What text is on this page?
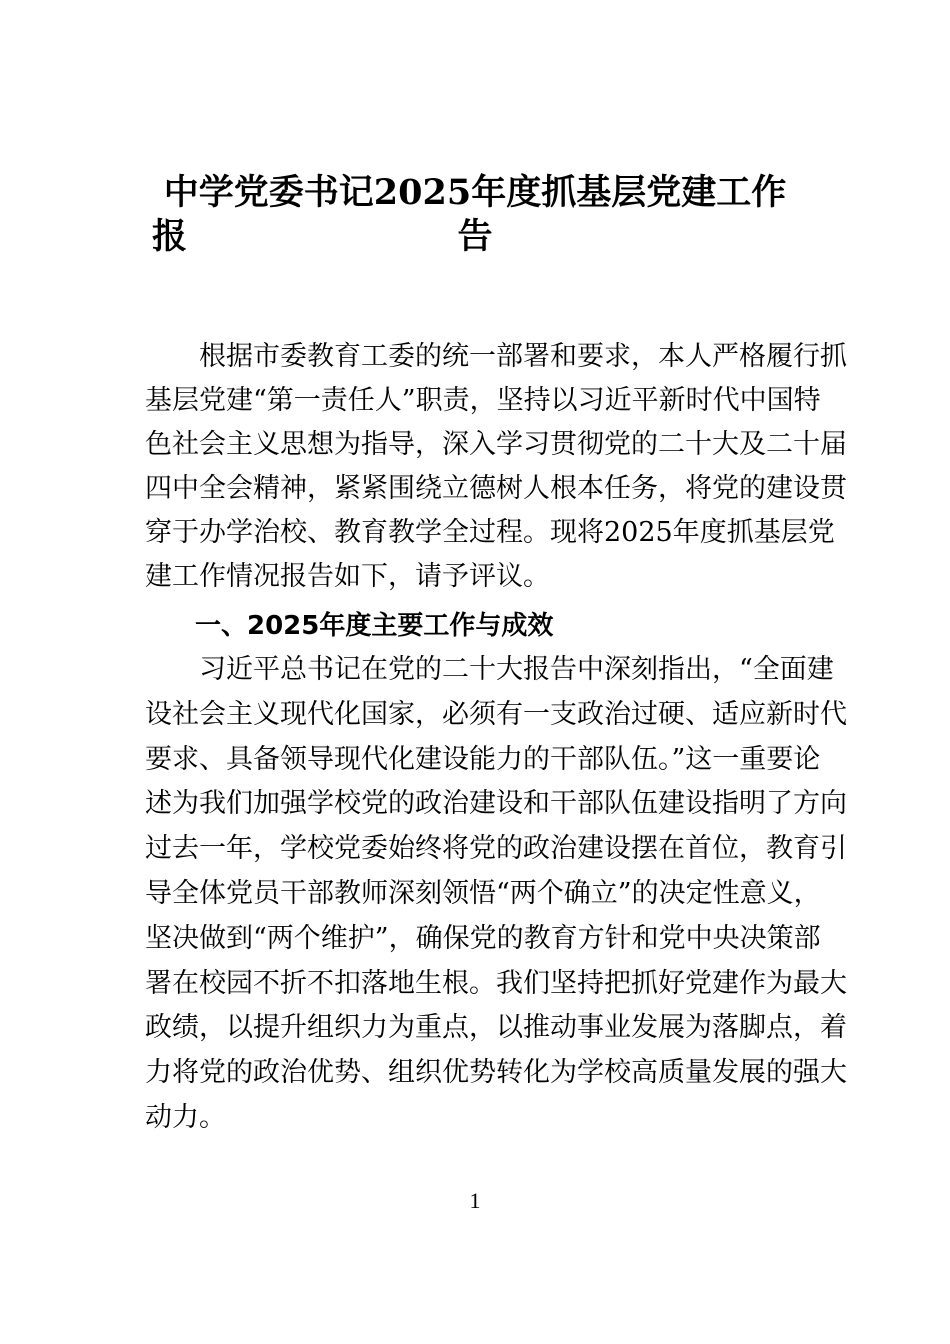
中学党委书记2025年度抓基层党建工作报	告
根据市委教育工委的统一部署和要求，本人严格履行抓
基层党建“第一责任人”职责，坚持以习近平新时代中国特
色社会主义思想为指导，深入学习贯彻党的二十大及二十届
四中全会精神，紧紧围绕立德树人根本任务，将党的建设贯
穿于办学治校、教育教学全过程。现将2025年度抓基层党
建工作情况报告如下，请予评议。
一、2025年度主要工作与成效
习近平总书记在党的二十大报告中深刻指出，“全面建
设社会主义现代化国家，必须有一支政治过硬、适应新时代
要求、具备领导现代化建设能力的干部队伍。”这一重要论
述为我们加强学校党的政治建设和干部队伍建设指明了方向
过去一年，学校党委始终将党的政治建设摆在首位，教育引
导全体党员干部教师深刻领悟“两个确立”的决定性意义，
坚决做到“两个维护”，确保党的教育方针和党中央决策部
署在校园不折不扣落地生根。我们坚持把抓好党建作为最大
政绩，以提升组织力为重点，以推动事业发展为落脚点，着
力将党的政治优势、组织优势转化为学校高质量发展的强大
动力。
1
